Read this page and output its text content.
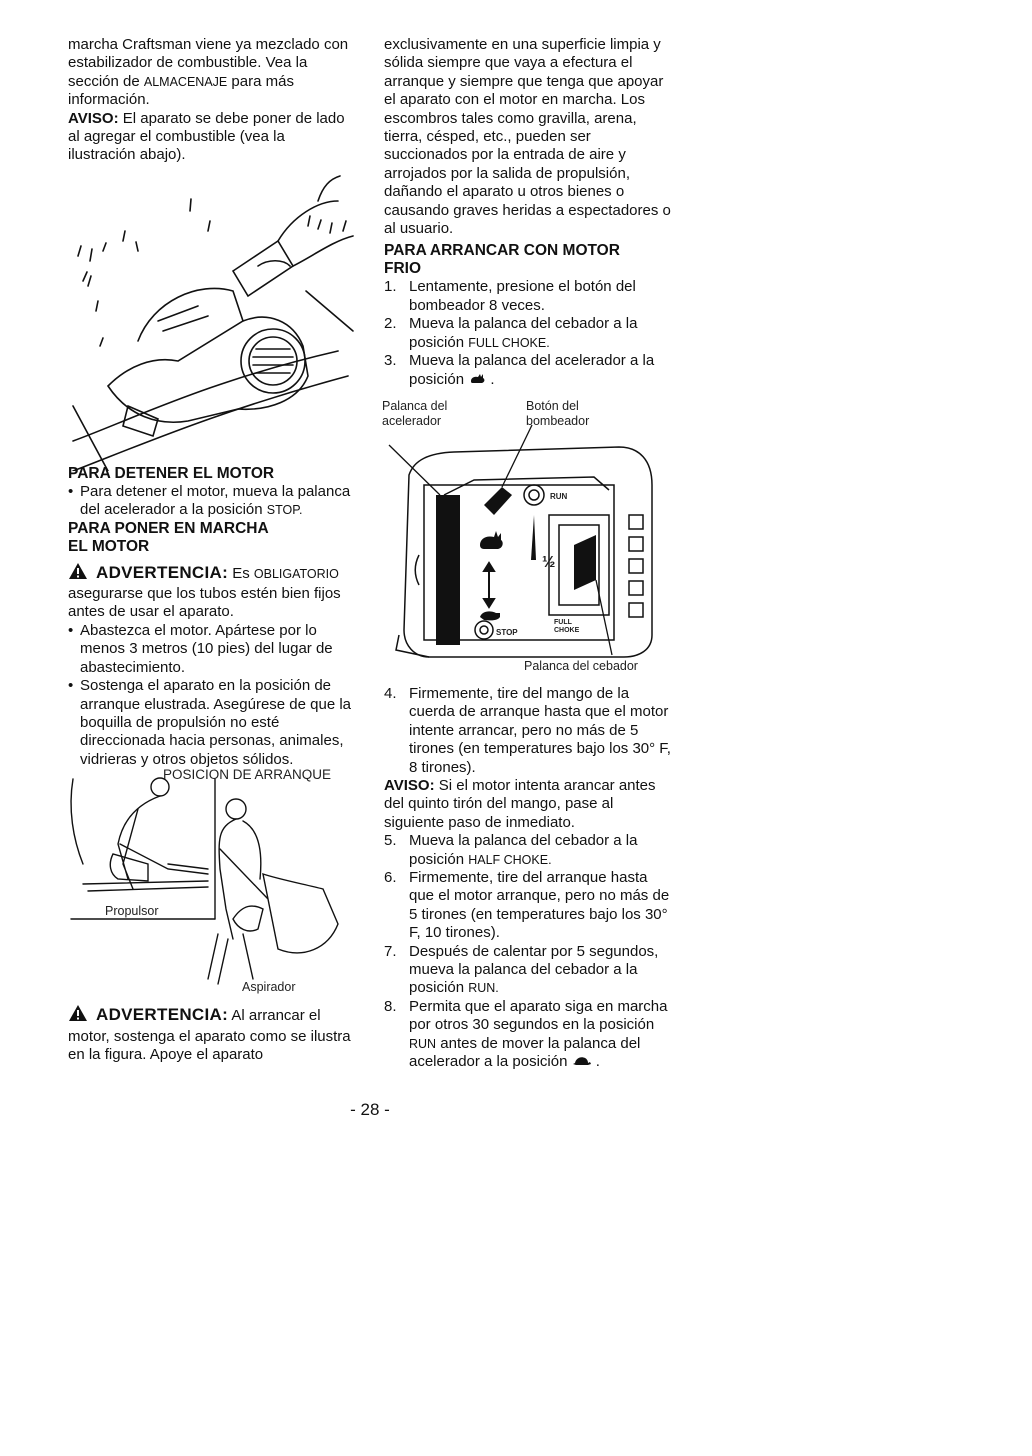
marcha Craftsman viene ya mezclado con estabilizador de combustible. Vea la sección de ALMACENAJE para más información.

AVISO: El aparato se debe poner de lado al agregar el combustible (vea la ilustración abajo).

PARA DETENER EL MOTOR
• Para detener el motor, mueva la palanca del acelerador a la posición STOP.
PARA PONER EN MARCHA
EL MOTOR

ADVERTENCIA: Es OBLIGATORIO asegurarse que los tubos estén bien fijos antes de usar el aparato.

• Abastezca el motor. Apártese por lo menos 3 metros (10 pies) del lugar de abastecimiento.
• Sostenga el aparato en la posición de arranque elustrada. Asegúrese de que la boquilla de propulsión no esté direccionada hacia personas, animales, vidrieras y otros objetos sólidos.
POSICION DE ARRANQUE
Propulsor
Aspirador

ADVERTENCIA: Al arrancar el motor, sostenga el aparato como se ilustra en la figura. Apoye el aparato

exclusivamente en una superficie limpia y sólida siempre que vaya a efectura el arranque y siempre que tenga que apoyar el aparato con el motor en marcha. Los escombros tales como gravilla, arena, tierra, césped, etc., pueden ser succionados por la entrada de aire y arrojados por la salida de propulsión, dañando el aparato u otros bienes o causando graves heridas a espectadores o al usuario.

PARA ARRANCAR CON MOTOR FRIO
1. Lentamente, presione el botón del bombeador 8 veces.
2. Mueva la palanca del cebador a la posición FULL CHOKE.
3. Mueva la palanca del acelerador a la posición  .
Palanca del
acelerador
Botón del
bombeador
RUN
STOP
FULL
CHOKE
½
Palanca del cebador
4. Firmemente, tire del mango de la cuerda de arranque hasta que el motor intente arrancar, pero no más de 5 tirones (en temperatures bajo los 30° F, 8 tirones).

AVISO: Si el motor intenta arancar antes del quinto tirón del mango, pase al siguiente paso de inmediato.

5. Mueva la palanca del cebador a la posición HALF CHOKE.
6. Firmemente, tire del arranque hasta que el motor arranque, pero no más de 5 tirones (en temperatures bajo los 30° F, 10 tirones).
7. Después de calentar por 5 segundos, mueva la palanca del cebador a la posición RUN.
8. Permita que el aparato siga en marcha por otros 30 segundos en la posición RUN antes de mover la palanca del acelerador a la posición  .
- 28 -
